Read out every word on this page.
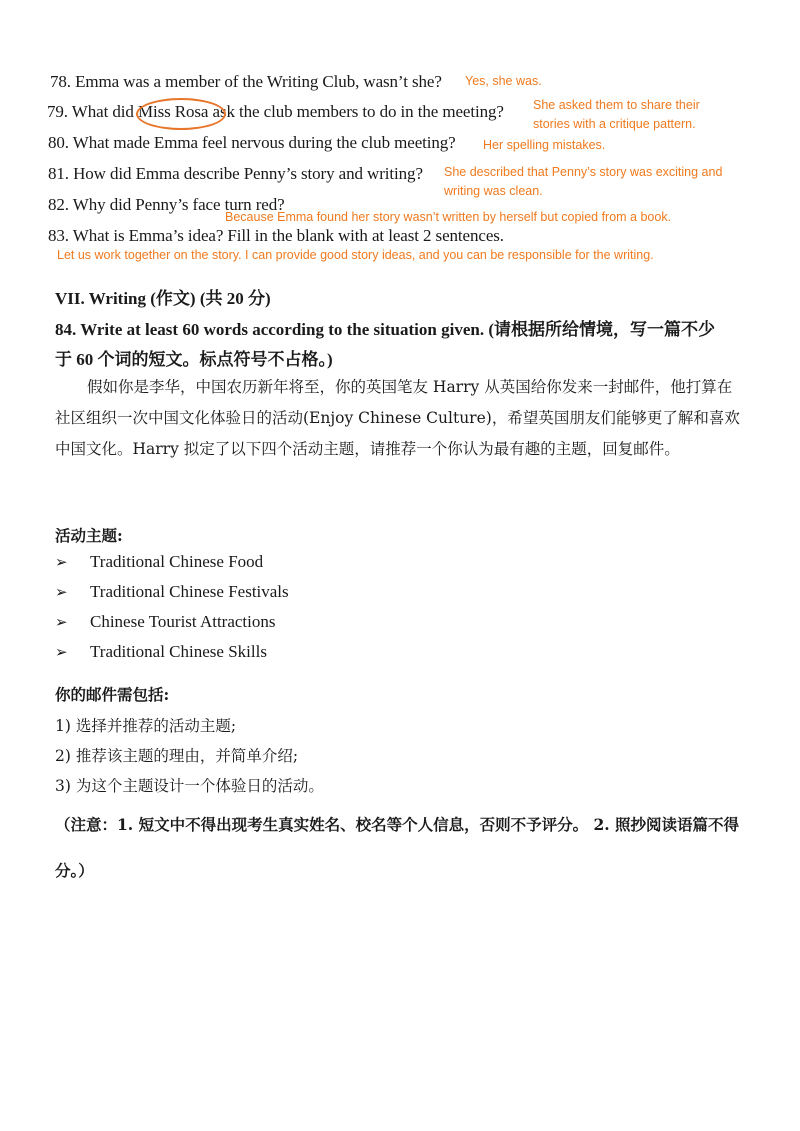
78. Emma was a member of the Writing Club, wasn’t she? Yes, she was.
79. What did Miss Rosa ask the club members to do in the meeting? She asked them to share their
stories with a critique pattern.
80. What made Emma feel nervous during the club meeting? Her spelling mistakes.
81. How did Emma describe Penny’s story and writing? She described that Penny’s story was exciting and
writing was clean.
82. Why did Penny’s face turn red?
Because Emma found her story wasn’t written by herself but copied from a book.
83. What is Emma’s idea? Fill in the blank with at least 2 sentences.
Let us work together on the story. I can provide good story ideas, and you can be responsible for the writing.
VII. Writing (作文) (共 20 分)
84. Write at least 60 words according to the situation given. (请根据所给情境，写一篇不少
于 60 个词的短文。标点符号不占格。)
假如你是李华，中国农历新年将至，你的英国笔友 Harry 从英国给你发来一封邮件，他打算在社区组织一次中国文化体验日的活动(Enjoy Chinese Culture)，希望英国朋友们能够更了解和喜欢中国文化。Harry 拟定了以下四个活动主题，请推荐一个你认为最有趣的主题，回复邮件。
活动主题:
➢ Traditional Chinese Food
➢ Traditional Chinese Festivals
➢ Chinese Tourist Attractions
➢ Traditional Chinese Skills
你的邮件需包括:
1) 选择并推荐的活动主题;
2) 推荐该主题的理由，并简单介绍;
3) 为这个主题设计一个体验日的活动。
（注意：1. 短文中不得出现考生真实姓名、校名等个人信息，否则不予评分。 2. 照抄阅读语篇不得分。）
